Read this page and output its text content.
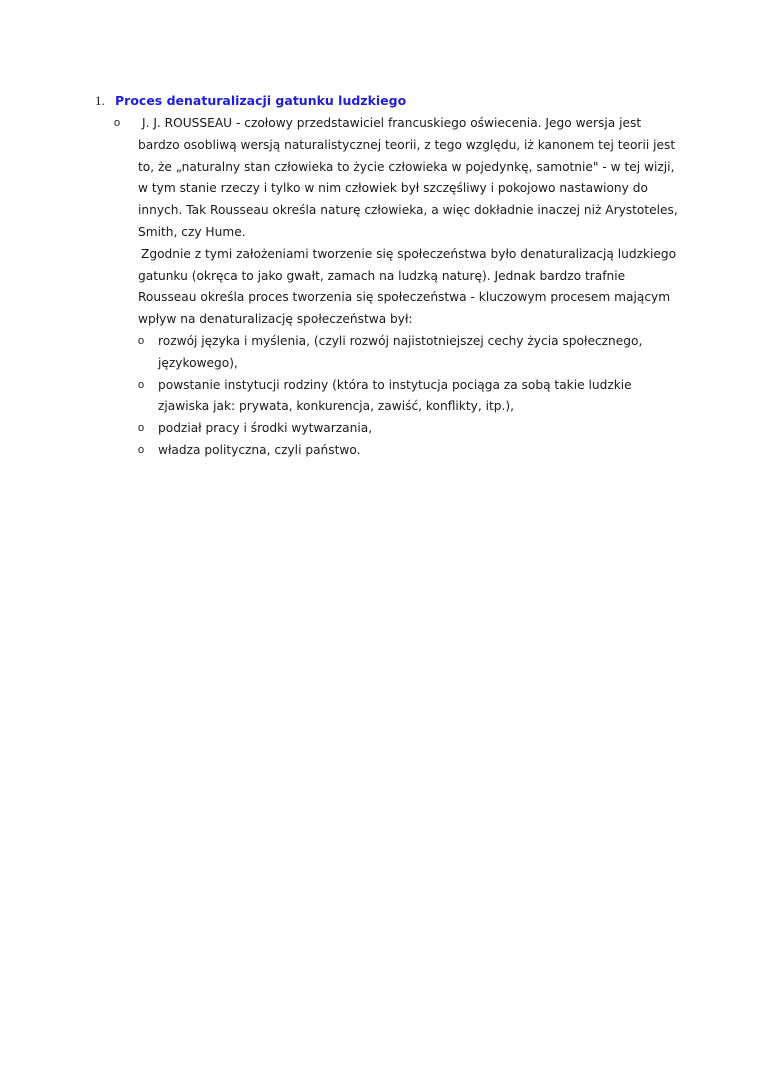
1. Proces denaturalizacji gatunku ludzkiego
o	J. J. ROUSSEAU - czołowy przedstawiciel francuskiego oświecenia. Jego wersja jest bardzo osobliwą wersją naturalistycznej teorii, z tego względu, iż kanonem tej teorii jest to, że „naturalny stan człowieka to życie człowieka w pojedynkę, samotnie" - w tej wizji, w tym stanie rzeczy i tylko w nim człowiek był szczęśliwy i pokojowo nastawiony do innych. Tak Rousseau określa naturę człowieka, a więc dokładnie inaczej niż Arystoteles, Smith, czy Hume.

Zgodnie z tymi założeniami tworzenie się społeczeństwa było denaturalizacją ludzkiego gatunku (okręca to jako gwałt, zamach na ludzką naturę). Jednak bardzo trafnie Rousseau określa proces tworzenia się społeczeństwa - kluczowym procesem mającym wpływ na denaturalizację społeczeństwa był:

o rozwój języka i myślenia, (czyli rozwój najistotniejszej cechy życia społecznego, językowego),
o powstanie instytucji rodziny (która to instytucja pociąga za sobą takie ludzkie zjawiska jak: prywata, konkurencja, zawiść, konflikty, itp.),
o podział pracy i środki wytwarzania,
o władza polityczna, czyli państwo.
